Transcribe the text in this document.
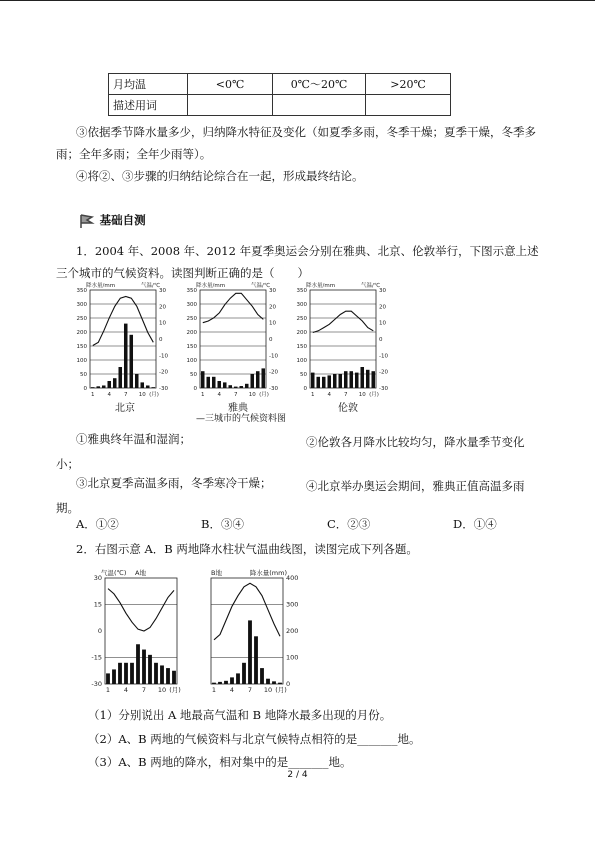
月均温	<0℃	0℃～20℃	>20℃
描述用词			
③依据季节降水量多少，归纳降水特征及变化（如夏季多雨，冬季干燥；夏季干燥，冬季多雨；全年多雨；全年少雨等）。
④将②、③步骤的归纳结论综合在一起，形成最终结论。
基础自测
1．2004 年、2008 年、2012 年夏季奥运会分别在雅典、北京、伦敦举行，下图示意上述三个城市的气候资料。读图判断正确的是（　　）
0
50
100
150
200
250
300
350
-30
-20
-10
0
10
20
30
1 4 7 10 (月)
降水量/mm	气温/℃
0
50
100
150
200
250
300
350
-30
-20
-10
0
10
20
30
1 4 7 10 (月)
降水量/mm	气温/℃
0
50
100
150
200
250
300
350
-30
-20
-10
0
10
20
30
1 4 7 10 (月)
降水量/mm	气温/℃
北京	雅典	伦敦
—三城市的气候资料图
①雅典终年温和湿润；	②伦敦各月降水比较均匀，降水量季节变化小；
③北京夏季高温多雨，冬季寒冷干燥；	④北京举办奥运会期间，雅典正值高温多雨期。
A．①②	B．③④	C．②③	D．①④
2．右图示意 A．B 两地降水柱状气温曲线图，读图完成下列各题。
30
15
0
-15
-30
1 4 7 10 (月)
气温(℃) A地
0
100
200
300
400
1 4 7 10 (月)
降水量(mm)
B地
（1）分别说出 A 地最高气温和 B 地降水最多出现的月份。
（2）A、B 两地的气候资料与北京气候特点相符的是_______地。
（3）A、B 两地的降水，相对集中的是_______地。
2 / 4
